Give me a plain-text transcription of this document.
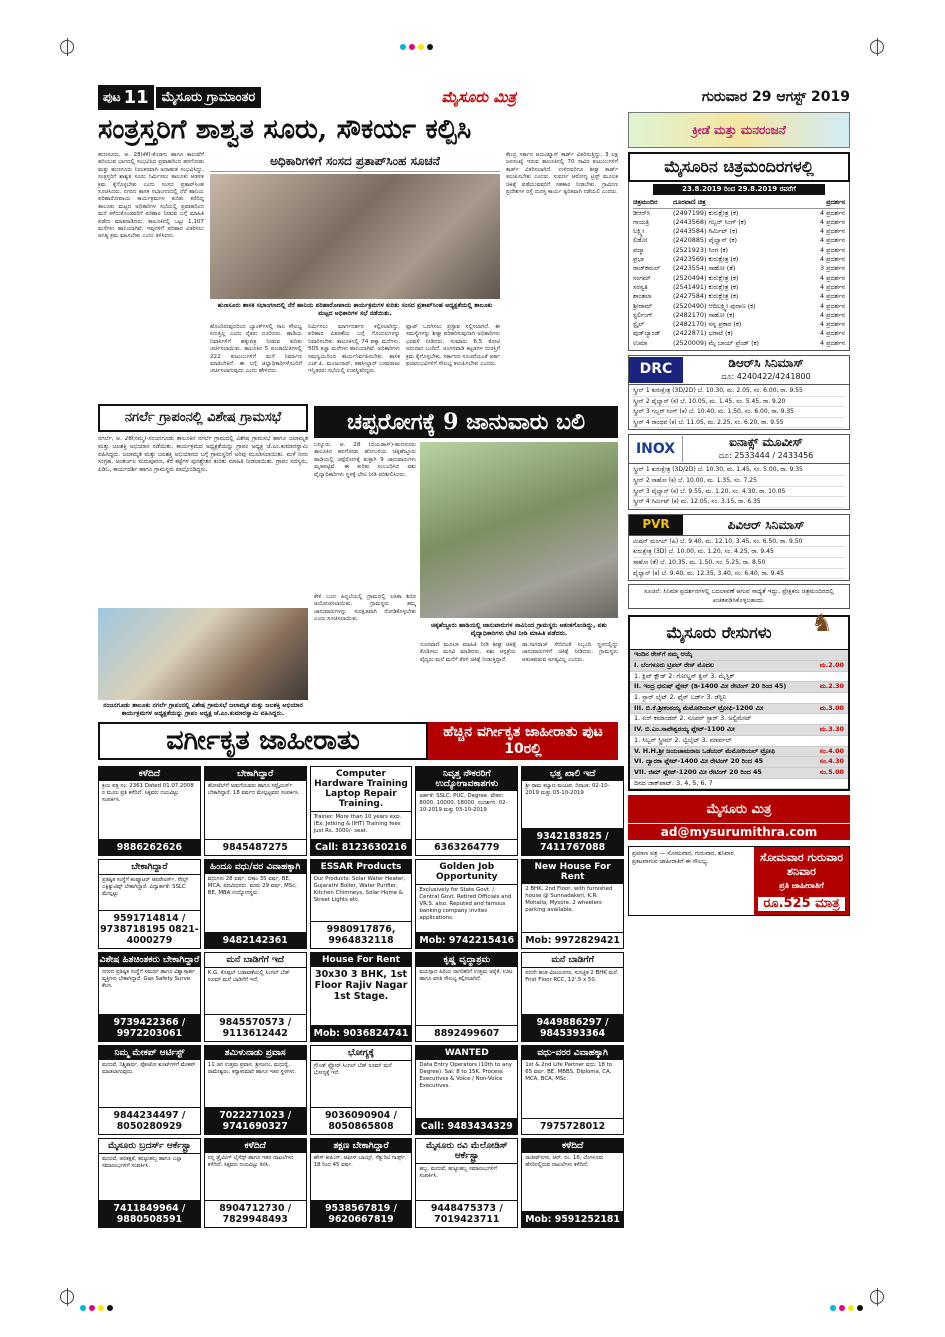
ಪುಟ 11	ಮೈಸೂರು ಗ್ರಾಮಾಂತರ	ಮೈಸೂರು ಮಿತ್ರ	ಗುರುವಾರ 29 ಆಗಸ್ಟ್ 2019
ಸಂತ್ರಸ್ತರಿಗೆ ಶಾಶ್ವತ ಸೂರು, ಸೌಕರ್ಯ ಕಲ್ಪಿಸಿ
ಅಧಿಕಾರಿಗಳಿಗೆ ಸಂಸದ ಪ್ರತಾಪ್‌ಸಿಂಹ ಸೂಚನೆ
ಹುಣಸೂರು, ಆ. 28(ಕೆಕೆ)-ಕೊಡಗು ಹಾಗೂ ಕಾಲುವೆಗೆ ಹರಿಯುವ ಭಾಗದಲ್ಲಿ ಸಂಭವಿಸಿದ ಪ್ರವಾಹದಿಂದ ಹನಗೋಡು ಮತ್ತು ಹುಣಸೂರು ನಿರಂತರವಾಗಿ ಅನಾಹುತ ಸಂಭವಿಸಿದ್ದು, ಸಂತ್ರಸ್ತರಿಗೆ ಶಾಶ್ವತ ಸೂರು ನಿರ್ಮಿಸಲು ತಾಲೂಕು ಆಡಳಿತ ಕ್ರಮ ಕೈಗೊಳ್ಳಬೇಕು ಎಂದು ಸಂಸದ ಪ್ರತಾಪ್‌ಸಿಂಹ ಸೂಚಿಸಿದರು. ನಗರದ ಶಾಸಕ ಸಭಾಂಗಣದಲ್ಲಿ ನೆರೆ ಹಾನಿಯ ಪರಿಹಾರೋಪಾಯ ಕಾರ್ಯಕ್ರಮಗಳ ಕುರಿತು ಕರೆದಿದ್ದ ತಾಲೂಕು ಮಟ್ಟದ ಅಧಿಕಾರಿಗಳ ಸಭೆಯಲ್ಲಿ ಪ್ರವಾಹದಿಂದ ಮನೆ ಕಳೆದುಕೊಂಡವರಿಗೆ ಪರಿಹಾರ ನೀಡುವ ಬಗ್ಗೆ ಮಾಹಿತಿ ಪಡೆದು ಮಾತನಾಡಿದರು. ತಾಲೂಕಿನಲ್ಲಿ ಒಟ್ಟು 1,107 ಮನೆಗಳು ಹಾನಿಯಾಗಿವೆ. ಇವುಗಳಿಗೆ ಪರಿಹಾರ ವಿತರಿಸಲು ಅಗತ್ಯ ಕ್ರಮ ವಹಿಸಬೇಕು ಎಂದು ತಿಳಿಸಿದರು.
ಹುಣಸೂರು ಶಾಸಕ ಸಭಾಂಗಣದಲ್ಲಿ ನೆರೆ ಹಾನಿಯ ಪರಿಹಾರೋಪಾಯ ಕಾರ್ಯಕ್ರಮಗಳ ಕುರಿತು ಸಂಸದ ಪ್ರತಾಪ್‌ಸಿಂಹ ಅಧ್ಯಕ್ಷತೆಯಲ್ಲಿ ತಾಲೂಕು ಮಟ್ಟದ ಅಧಿಕಾರಿಗಳ ಸಭೆ ನಡೆಯಿತು.
ಕೇಂದ್ರ ಸರ್ಕಾರ ಆಯುಷ್ಮಾನ್ ಕಾರ್ಡ್ ವಿತರಿಸುತ್ತಿದ್ದು, 3 ಲಕ್ಷ ಜನಸಂಖ್ಯೆ ಇರುವ ತಾಲೂಕಿನಲ್ಲಿ 70 ಸಾವಿರ ಕುಟುಂಬಗಳಿಗೆ ಕಾರ್ಡ್ ವಿತರಿಸಲಾಗಿದೆ. ಉಳಿದವರಿಗೂ ಶೀಘ್ರ ಕಾರ್ಡ್ ತಲುಪಿಸಬೇಕು ಎಂದರು. ಸುವರ್ಣ ಆರೋಗ್ಯ ಟ್ರಸ್ಟ್ ಮೂಲಕ ಚಿಕಿತ್ಸೆ ಪಡೆಯುವವರಿಗೆ ಸಹಕಾರ ನೀಡಬೇಕು. ಗ್ರಾಮೀಣ ಪ್ರದೇಶಗಳ ರಸ್ತೆ ದುರಸ್ತಿ ಕಾರ್ಯ ತ್ವರಿತವಾಗಿ ನಡೆಯಲಿ ಎಂದರು.
ಹೊಂದಿರುವುದರಿಂದ ಬ್ಯಾಂಕ್‌ಗಳಲ್ಲಿ ಸಾಲ ಸೌಲಭ್ಯ ಸಿಗುತ್ತಿಲ್ಲ ಎಂದು ರೈತರು ದೂರಿದರು. ಹಾಡಿಯ ನಿವಾಸಿಗಳಿಗೆ ಹಕ್ಕುಪತ್ರ ನೀಡುವ ಕುರಿತು ಚರ್ಚಿಸಲಾಯಿತು. ತಾಲೂಕಿನ 5 ಪಂಚಾಯಿತಿಗಳಲ್ಲಿ 222 ಕುಟುಂಬಗಳಿಗೆ ಮನೆ ನಿರ್ಮಾಣ ಮಾಡಬೇಕಿದೆ. ಈ ಬಗ್ಗೆ ಜಿಲ್ಲಾಧಿಕಾರಿಗಳೊಂದಿಗೆ ಚರ್ಚಿಸಲಾಗುವುದು ಎಂದು ಹೇಳಿದರು.
ನಿರ್ಮಿಸಲು ಮಾರ್ಗದರ್ಶನ ಕಲ್ಪಿಸಲಾಗಿದ್ದು, ಪರಿಹಾರ ವಿತರಣೆಯ ಬಗ್ಗೆ ಗೊಂದಲಗಳನ್ನು ನಿವಾರಿಸಬೇಕು. ತಾಲೂಕಿನಲ್ಲಿ 74 ಪಕ್ಕಾ ಮನೆಗಳು, 505 ಕಚ್ಚಾ ಮನೆಗಳು ಹಾನಿಯಾಗಿವೆ. ಅಧಿಕಾರಿಗಳು ಸಮನ್ವಯದಿಂದ ಕಾರ್ಯನಿರ್ವಹಿಸಬೇಕು. ಶಾಸಕ ಎಚ್.ಪಿ. ಮಂಜುನಾಥ್, ತಹಸೀಲ್ದಾರ್ ಬಸವರಾಜು ಇನ್ನಿತರರು ಸಭೆಯಲ್ಲಿ ಉಪಸ್ಥಿತರಿದ್ದರು.
ಪ್ಲಾಟ್ ಒದಗಿಸಲು ಪ್ರಸ್ತಾವ ಸಲ್ಲಿಸಲಾಗಿದೆ. ಈ ಸಮಸ್ಯೆಗಳನ್ನು ಶೀಘ್ರ ಪರಿಹರಿಸುವುದಾಗಿ ಅಧಿಕಾರಿಗಳು ಭರವಸೆ ನೀಡಿದರು. ಸುಮಾರು 6.5 ಕೋಟಿ ಅನುದಾನ ಬಂದಿದೆ. ಅಂಗನವಾಡಿ ಕಟ್ಟಡಗಳ ದುರಸ್ತಿಗೆ ಕ್ರಮ ಕೈಗೊಳ್ಳಬೇಕು. ಸರ್ಕಾರದ ಸೂಚನೆಯಂತೆ ಅರ್ಹ ಫಲಾನುಭವಿಗಳಿಗೆ ಸೌಲಭ್ಯ ತಲುಪಿಸಬೇಕು ಎಂದರು.
ನಗರ್ಲೆ ಗ್ರಾಪಂನಲ್ಲಿ ವಿಶೇಷ ಗ್ರಾಮಸಭೆ
ನಗರ್ಲೆ, ಆ. 28(ನಮ್ಮ)-ನಂಜನಗೂಡು ತಾಲೂಕಿನ ನಗರ್ಲೆ ಗ್ರಾಮದಲ್ಲಿ ವಿಶೇಷ ಗ್ರಾಮಸಭೆ ಹಾಗೂ ಜಲಾಮೃತ ಮತ್ತು ಜಲಶಕ್ತಿ ಅಭಿಯಾನ ನಡೆಯಿತು. ಕಾರ್ಯಕ್ರಮದ ಅಧ್ಯಕ್ಷತೆಯನ್ನು ಗ್ರಾಪಂ ಅಧ್ಯಕ್ಷ ಜೆ.ಎಂ.ಕುಮಾರಸ್ವಾಮಿ ವಹಿಸಿದ್ದರು. ಜಲಾಮೃತ ಮತ್ತು ಜಲಶಕ್ತಿ ಅಭಿಯಾನದ ಬಗ್ಗೆ ಗ್ರಾಮಸ್ಥರಿಗೆ ಅರಿವು ಮೂಡಿಸಲಾಯಿತು. ಮಳೆ ನೀರು ಸಂಗ್ರಹ, ಅಂತರ್ಜಲ ಮರುಪೂರಣ, ಕೆರೆ ಕಟ್ಟೆಗಳ ಪುನಶ್ಚೇತನ ಕುರಿತು ಮಾಹಿತಿ ನೀಡಲಾಯಿತು. ಗ್ರಾಪಂ ಸದಸ್ಯರು, ಪಿಡಿಓ, ಕಾರ್ಯದರ್ಶಿ ಹಾಗೂ ಗ್ರಾಮಸ್ಥರು ಪಾಲ್ಗೊಂಡಿದ್ದರು.
ನಂಜನಗೂಡು ತಾಲೂಕು ನಗರ್ಲೆ ಗ್ರಾಪಂನಲ್ಲಿ ವಿಶೇಷ ಗ್ರಾಮಸಭೆ ಜಲಾಮೃತ ಮತ್ತು ಜಲಶಕ್ತಿ ಅಭಿಯಾನ ಕಾರ್ಯಕ್ರಮಗಳ ಅಧ್ಯಕ್ಷತೆಯನ್ನು ಗ್ರಾಪಂ ಅಧ್ಯಕ್ಷ ಜೆ.ಎಂ.ಕುಮಾರಸ್ವಾಮಿ ವಹಿಸಿದ್ದರು.
ಚಪ್ಪರೋಗಕ್ಕೆ 9 ಜಾನುವಾರು ಬಲಿ
ಬನ್ನೂರು, ಆ. 28 (ಬಿಯಡಾಸ್)-ಹುಣಸೂರು ತಾಲೂಕಿನ ಹನಗೋಡು ಹೋಬಳಿಯ ಚಿಕ್ಕಹೆಜ್ಜೂರು ಹಾಡಿಯಲ್ಲಿ ಚಪ್ಪೆರೋಗಕ್ಕೆ ತುತ್ತಾಗಿ 9 ಜಾನುವಾರುಗಳು ಮೃತಪಟ್ಟಿವೆ. ಈ ಕುರಿತು ಸಂಬಂಧಿಸಿದ ಪಶು ವೈದ್ಯಾಧಿಕಾರಿಗಳು ಸ್ಥಳಕ್ಕೆ ಭೇಟಿ ನೀಡಿ ಪರಿಶೀಲಿಸಿದರು.
ಚಿಕ್ಕಹೆಜ್ಜೂರು ಹಾಡಿಯಲ್ಲಿ ಜಾನುವಾರುಗಳ ಸಾವಿನಿಂದ ಗ್ರಾಮಸ್ಥರು ಆತಂಕಗೊಂಡಿದ್ದು, ಪಶು ವೈದ್ಯಾಧಿಕಾರಿಗಳು ಭೇಟಿ ನೀಡಿ ಮಾಹಿತಿ ಪಡೆದರು.
ಕೇಳಿ ಬಂದ ಹಿನ್ನಲೆಯಲ್ಲಿ ಗ್ರಾಮದಲ್ಲಿ ಲಸಿಕಾ ಶಿಬಿರ ಆಯೋಜಿಸಲಾಯಿತು. ಗ್ರಾಮಸ್ಥರು ತಮ್ಮ ಜಾನುವಾರುಗಳನ್ನು ಸುರಕ್ಷಿತವಾಗಿ ನೋಡಿಕೊಳ್ಳಬೇಕು ಎಂದು ಸೂಚಿಸಲಾಯಿತು.
ದೂರವಾಣಿ ಮೂಲಕ ಮಾಹಿತಿ ನೀಡಿ ಶೀಘ್ರ ಚಿಕಿತ್ಸೆ ಕೊಡಿಸಲು ಮನವಿ ಮಾಡಿದರು. ಪಶು ಆಸ್ಪತ್ರೆಯ ವೈದ್ಯರು ಮನೆ ಮನೆಗೆ ತೆರಳಿ ಚಿಕಿತ್ಸೆ ನೀಡುತ್ತಿದ್ದಾರೆ.
ಡಾ.ನಾಗರಾಜ್ ಸೇರಿದಂತೆ ಸಿಬ್ಬಂದಿ ಸ್ಥಳದಲ್ಲಿದ್ದು ಜಾನುವಾರುಗಳಿಗೆ ಚಿಕಿತ್ಸೆ ನೀಡಿದರು. ಗ್ರಾಮಸ್ಥರು ಆತಂಕಪಡುವ ಅಗತ್ಯವಿಲ್ಲ ಎಂದರು.
ವರ್ಗೀಕೃತ ಜಾಹೀರಾತು	ಹೆಚ್ಚಿನ ವರ್ಗೀಕೃತ ಜಾಹೀರಾತು ಪುಟ 10ರಲ್ಲಿ
ಕಳೆದಿದೆ
ಕ್ರಯ ಪತ್ರ ನಂ: 2361 Dated 01.07.2008 ರ ಮೂಲ ಪ್ರತಿ ಕಳೆದಿದೆ. ಸಿಕ್ಕವರು ದಯವಿಟ್ಟು ಸಂಪರ್ಕಿಸಿ.
9886262626
ಬೇಕಾಗಿದ್ದಾರೆ
ಹೋಟೆಲ್‌ಗೆ ಅಡುಗೆಯವರು ಹಾಗೂ ಸಪ್ಲೈಯರ್ಸ್ ಬೇಕಾಗಿದ್ದಾರೆ. 18 ವರ್ಷದ ಮೇಲ್ಪಟ್ಟವರು ಸಂಪರ್ಕಿಸಿ.
9845487275
Computer Hardware Training Laptop Repair Training.
Trainer: More than 10 years exp. (Ex: Jetking & IIHT) Training fees just Rs. 3000/- seat.
Call: 8123630216
ನಿವೃತ್ತ ನೌಕರರಿಗೆ ಉದ್ಯೋಗಾವಕಾಶಗಳು
ಅರ್ಹತೆ: SSLC, PUC, Degree. ವೇತನ: 8000, 10000, 18000. ಸಂದರ್ಶನ: 02-10-2019 ಮತ್ತು 03-10-2019
6363264779
ಭತ್ತ ಖಾಲಿ ಇದೆ
ಶ್ರೀ ರಾಮ ಕಲ್ಯಾಣ ಮಂಟಪ. ದಿನಾಂಕ: 02-10-2019 ಮತ್ತು 03-10-2019
9342183825 / 7411767088
ಬೇಕಾಗಿದ್ದಾರೆ
ಪ್ರತಿಷ್ಠಿತ ಸಂಸ್ಥೆಗೆ ಕಂಪ್ಯೂಟರ್ ಆಪರೇಟರ್ಸ್, ಸೇಲ್ಸ್ ಎಕ್ಸಿಕ್ಯುಟಿವ್ಸ್ ಬೇಕಾಗಿದ್ದಾರೆ. ವಿದ್ಯಾರ್ಹತೆ: SSLC ಮೇಲ್ಪಟ್ಟು
9591714814 / 9738718195 0821-4000279
ಹಿಂದೂ ವಧು/ವರ ವಿವಾಹಕ್ಕಾಗಿ
ವಧುಗಳು 28 ವರ್ಷ, ಬಿಕಾಂ 35 ವರ್ಷ, BE, MCA, ಪದವೀಧರರು. ವರರು 29 ವರ್ಷ, MSc, BE, MBA ಉದ್ಯೋಗಸ್ಥರು.
9482142361
ESSAR Products
Our Products: Solar Water Heater, Gujarathi Boiler, Water Purifier, Kitchen Chimneys, Solar Home & Street Lights etc.
9980917876, 9964832118
Golden Job Opportunity
Exclusively for State Govt. / Central Govt. Retired Officials and VR.S. also. Reputed and famous banking company invites applications.
Mob: 9742215416
New House For Rent
2 BHK, 2nd Floor, with furnished house @ Sunnadakeri, K.R. Mohalla, Mysore. 2 wheelers parking available.
Mob: 9972829421
ವಿಶೇಷ ಹಿತಚಿಂತಕರು ಬೇಕಾಗಿದ್ದಾರೆ
ನಗರದ ಪ್ರತಿಷ್ಠಿತ ಸಂಸ್ಥೆಗೆ ಸಮರ್ಥ ಹಾಗೂ ವಿಶ್ವಾಸಾರ್ಹ ವ್ಯಕ್ತಿಗಳು ಬೇಕಾಗಿದ್ದಾರೆ. Gas Safety Surve ಕೆಲಸ.
9739422366 / 9972203061
ಮನೆ ಬಾಡಿಗೆಗೆ ಇದೆ
K.G. ಕೊಪ್ಪಲ್ ಬಡಾವಣೆಯಲ್ಲಿ ಸಿಂಗಲ್ ಬೆಡ್ ರೂಮ್ ಮನೆ ಬಾಡಿಗೆಗೆ ಇದೆ.
9845570573 / 9113612442
House For Rent
30x30 3 BHK, 1st Floor Rajiv Nagar 1st Stage.
Mob: 9036824741
ಕೃಷ್ಣ ವೃದ್ಧಾಶ್ರಮ
ವಯಸ್ಸಾದ ಹಿರಿಯ ನಾಗರಿಕರಿಗೆ ಉತ್ತಮ ಆರೈಕೆ, ಊಟ ಹಾಗೂ ವಸತಿ ಸೌಲಭ್ಯ ಕಲ್ಪಿಸಲಾಗಿದೆ.
8892499607
ಮನೆ ಬಾಡಿಗೆಗೆ
ಐದನೇ ಹಂತ ವಿಜಯನಗರ, ಸುಸಜ್ಜಿತ 2 BHK ಮನೆ. Frist Floor RCC, 12'.5 x 50.
9449886297 / 9845393364
ನಿಮ್ಮ ಮೇಕಪ್ ಆರ್ಟಿಸ್ಟ್
ಮದುವೆ, ನಿಶ್ಚಿತಾರ್ಥ, ಫೋಟೋ ಶೂಟ್‌ಗಳಿಗೆ ಮೇಕಪ್ ಮಾಡಲಾಗುವುದು.
9844234497 / 8050280929
ತಮಿಳುನಾಡು ಪ್ರವಾಸ
11 ಜಿನ ಉತ್ತಮ ಪ್ರವಾಸ. ಶ್ರೀರಂಗಂ, ಮಧುರೈ, ರಾಮೇಶ್ವರಂ, ಕನ್ಯಾಕುಮಾರಿ ಹಾಗೂ ಇತರ ಸ್ಥಳಗಳು.
7022271023 / 9741690327
ಭೋಗ್ಯಕ್ಕೆ
ಗ್ರೌಂಡ್ ಫ್ಲೋರ್ ಸಿಂಗಲ್ ಬೆಡ್ ರೂಮ್ ಮನೆ ಭೋಗ್ಯಕ್ಕೆ ಇದೆ.
9036090904 / 8050865808
WANTED
Data Entry Operators (10th to any Degree). Sal: 8 to 15K. Process Executives & Voice / Non-Voice Executives.
Call: 9483434329
ವಧು-ವರರ ವಿವಾಹಕ್ಕಾಗಿ
1st & 2nd Life Partner ವಧು: 18 to 65 ವರ್ಷ. BE, MBBS, Diploma, CA, MCA, BCA, MSc.
7975728012
ಮೈಸೂರು ಬ್ರದರ್ಸ್ ಆರ್ಕೆಸ್ಟ್ರಾ
ಮದುವೆ, ಆರತಕ್ಷತೆ, ಹುಟ್ಟುಹಬ್ಬ ಹಾಗೂ ಎಲ್ಲಾ ಸಮಾರಂಭಗಳಿಗೆ ಸಂಪರ್ಕಿಸಿ.
7411849964 / 9880508591
ಕಳೆದಿದೆ
ನನ್ನ ಡ್ರೈವಿಂಗ್ ಲೈಸೆನ್ಸ್ ಹಾಗೂ ಇತರ ದಾಖಲೆಗಳು ಕಳೆದಿದೆ. ಸಿಕ್ಕವರು ದಯವಿಟ್ಟು ತಿಳಿಸಿ.
8904712730 / 7829948493
ತಕ್ಷಣ ಬೇಕಾಗಿದ್ದಾರೆ
ಹೌಸ್ ಕೀಪಿಂಗ್, ಆಫೀಸ್ ಬಾಯ್ಸ್, ಸೆಕ್ಯುರಿಟಿ ಗಾರ್ಡ್ಸ್. 18 ರಿಂದ 45 ವರ್ಷ.
9538567819 / 9620667819
ಮೈಸೂರು ರವಿ ಮೆಲೋಡಿಸ್ ಆರ್ಕೆಸ್ಟ್ರಾ
ಹಬ್ಬ, ಮದುವೆ, ಹುಟ್ಟುಹಬ್ಬ ಸಮಾರಂಭಗಳಿಗೆ ಸಂಪರ್ಕಿಸಿ.
9448475373 / 7019423711
ಕಳೆದಿದೆ
ರಾಜೀವ್‌ನಗರ, ಆರ್. ನಂ. 16, ಬೆಂಗಳೂರು ಹೆಸರಿನಲ್ಲಿರುವ ದಾಖಲೆಗಳು ಕಳೆದಿದೆ.
Mob: 9591252181
ಕ್ರೀಡೆ ಮತ್ತು ಮನರಂಜನೆ
ಮೈಸೂರಿನ ಚಿತ್ರಮಂದಿರಗಳಲ್ಲಿ
23.8.2019 ರಿಂದ 29.8.2019 ರವರೆಗೆ
ಚಿತ್ರಮಂದಿರ	ದೂರವಾಣಿ ಚಿತ್ರ	ಪ್ರದರ್ಶನ
ಡಿಆರ್‌ಸಿ	(2497199) ಕುರುಕ್ಷೇತ್ರ (ಕ)	4 ಪ್ರದರ್ಶನ
ಗಾಯತ್ರಿ	(2443568) ಗಬ್ಬರ್ ಸಿಂಗ್ (ಕ)	4 ಪ್ರದರ್ಶನ
ಲಕ್ಷ್ಮೀ	(2443584) ಗಿರ್ಮಿಟ್ (ಕ)	4 ಪ್ರದರ್ಶನ
ಲಿಡೋ	(2420885) ಪೈಲ್ವಾನ್ (ಕ)	4 ಪ್ರದರ್ಶನ
ಪದ್ಮಾ	(2521923) ಸಿಂಗ (ಕ)	4 ಪ್ರದರ್ಶನ
ಪ್ರಭಾ	(2423569) ಕುರುಕ್ಷೇತ್ರ (ಕ)	4 ಪ್ರದರ್ಶನ
ರಾಜ್‌ಕಮಲ್	(2423554) ಸಾಹೋ (ತೆ)	3 ಪ್ರದರ್ಶನ
ಸಂಗಮ್	(2520494) ಕುರುಕ್ಷೇತ್ರ (ಕ)	4 ಪ್ರದರ್ಶನ
ಸರಸ್ವತಿ	(2541491) ಕುರುಕ್ಷೇತ್ರ (ಕ)	4 ಪ್ರದರ್ಶನ
ಶಾಂತಲಾ	(2427584) ಕುರುಕ್ಷೇತ್ರ (ಕ)	4 ಪ್ರದರ್ಶನ
ಶ್ರೀರಾಮ್	(2520490) ಆದಿಲಕ್ಷ್ಮೀ ಪುರಾಣ (ಕ)	4 ಪ್ರದರ್ಶನ
ಸ್ಟರ್ಲಿಂಗ್	(2482170) ಸಾಹೋ (ಕ)	4 ಪ್ರದರ್ಶನ
ಸ್ಟೈಲ್	(2482170) ನನ್ನ ಪ್ರಕಾರ (ಕ)	4 ಪ್ರದರ್ಶನ
ವುಡ್‌ಲ್ಯಾಂಡ್	(2422871) ಭರಾಟೆ (ಕ)	4 ಪ್ರದರ್ಶನ
ಉಮಾ	(2520009) ಮೈ ಬಾಯ್ ಪ್ರೆಂಡ್ (ಕ)	4 ಪ್ರದರ್ಶನ
DRC	ಡಿಆರ್‌ಸಿ ಸಿನಿಮಾಸ್
ದೂ: 4240422/4241800
ಸ್ಕ್ರೀನ್ 1 ಕುರುಕ್ಷೇತ್ರ (3D/2D) ಬೆ. 10.30, ಮ. 2.05, ಸಂ. 6.00, ರಾ. 9.55
ಸ್ಕ್ರೀನ್ 2 ಪೈಲ್ವಾನ್ (ಕ) ಬೆ. 10.05, ಮ. 1.45, ಸಂ. 5.45, ರಾ. 9.20
ಸ್ಕ್ರೀನ್ 3 ಗಬ್ಬರ್ ಸಿಂಗ್ (ಕ) ಬೆ. 10.40, ಮ. 1.50, ಸಂ. 6.00, ರಾ. 9.35
ಸ್ಕ್ರೀನ್ 4 ರಾಂಧವ (ಕ) ಬೆ. 11.05, ಮ. 2.25, ಸಂ. 6.20, ರಾ. 9.55
INOX	ಐನಾಕ್ಸ್ ಮೂವೀಸ್
ದೂ: 2533444 / 2433456
ಸ್ಕ್ರೀನ್ 1 ಕುರುಕ್ಷೇತ್ರ (3D/2D) ಬೆ. 10.30, ಮ. 1.45, ಸಂ. 5.00, ರಾ. 9.35
ಸ್ಕ್ರೀನ್ 2 ಸಾಹೋ (ಕ) ಬೆ. 10.00, ಮ. 1.35, ಸಂ. 7.25
ಸ್ಕ್ರೀನ್ 3 ಪೈಲ್ವಾನ್ (ಕ) ಬೆ. 9.55, ಮ. 1.20, ಸಂ. 4.30, ರಾ. 10.05
ಸ್ಕ್ರೀನ್ 4 ಗಿರ್ಮಿಟ್ (ಕ) ಮ. 12.05, ಸಂ. 3.15, ರಾ. 6.35
PVR	ಪಿವಿಆರ್ ಸಿನಿಮಾಸ್
ಮಿಷನ್ ಮಂಗಲ್ (ಹಿ) ಬೆ. 9.40, ಮ. 12.10, 3.45, ಸಂ. 6.50, ರಾ. 9.50
ಕುರುಕ್ಷೇತ್ರ (3D) ಬೆ. 10.00, ಮ. 1.20, ಸಂ. 4.25, ರಾ. 9.45
ಸಾಹೋ (ತೆ) ಬೆ. 10.35, ಮ. 1.50, ಸಂ. 5.25, ರಾ. 8.50
ಪೈಲ್ವಾನ್ (ಕ) ಬೆ. 9.40, ಮ. 12.35, 3.40, ಸಂ. 6.40, ರಾ. 9.45
ಸೂಚನೆ: ಸಿನಿಮಾ ಪ್ರದರ್ಶನಗಳಲ್ಲಿ ಬದಲಾವಣೆ ಆಗುವ ಸಾಧ್ಯತೆ ಇದ್ದು, ಪ್ರೇಕ್ಷಕರು ಚಿತ್ರಮಂದಿರದಲ್ಲಿ ಖಚಿತಪಡಿಸಿಕೊಳ್ಳಬಹುದು.
ಮೈಸೂರು ರೇಸುಗಳು	♞
ಇಂದಿನ ರೇಸ್‌ಗೆ ನಮ್ಮ ಆಯ್ಕೆ
I. ಬೆಂಗಳೂರು ಟ್ರಿಪಲ್ ರೇಸ್ ಮೊದಲ	ಮ.2.00
1. ಕ್ಲಿಪ್ ಕ್ಲೌಡ್ 2. ಗೋಲ್ಡನ್ ಕ್ವಿನ್ 3. ಮೈಸ್ಟಿಕ್
II. ಇಂದ್ರ ಧನುಷ್ ಪ್ಲೇಟ್ (ಡಿ-1400 ಮೀ ರೇಟಿಂಗ್ 20 ರಿಂದ 45)	ಮ.2.30
1. ಸ್ಟಾರ್ ಲೈಟ್ 2. ಫೈರ್ ಬರ್ಡ್ 3. ಡೆಸ್ಟಿನಿ
III. ಬಿ.ಕೆ.ಶ್ರೀಕಂಠಯ್ಯ ಮೆಮೋರಿಯಲ್ ಟ್ರೋಫಿ-1200 ಮೀ	ಮ.3.00
1. ಏರ್ ಕಮಾಂಡರ್ 2. ಸೂಪರ್ ಸ್ಟಾರ್ 3. ಅಲ್ಟಿಮೇಟ್
IV. ಬಿ.ಎಂ.ಸಾವೇಶ್ವರಯ್ಯ ಪ್ಲೇಟ್-1100 ಮೀ	ಮ.3.30
1. ಸಿಲ್ವರ್ ಸ್ಟ್ರೀಮ್ 2. ಟ್ವಿಲೈಟ್ 3. ಮಾರ್ವಲ್
V. H.H.ಶ್ರೀ ಜಯಚಾಮರಾಜ ಒಡೆಯರ್ ಮೆಮೋರಿಯಲ್ ಟ್ರೋಫಿ	ಸಂ.4.00
VI. ದ್ವಾರಕಾ ಪ್ಲೇಟ್-1400 ಮೀ ರೇಟಿಂಗ್ 20 ರಿಂದ 45	ಸಂ.4.30
VII. ಜಿಮ್ ಪ್ಲೇಟ್-1200 ಮೀ ರೇಟಿಂಗ್ 20 ರಿಂದ 45	ಸಂ.5.00
ದಿನದ ಜಾಕ್‌ಪಾಟ್: 3, 4, 5, 6, 7
ಮೈಸೂರು ಮಿತ್ರ
ad@mysurumithra.com
ಪ್ರಮಾಣ ಪತ್ರ — ಸೋಮವಾರ, ಗುರುವಾರ, ಶನಿವಾರ ಪ್ರಕಟವಾಗುವ ಜಾಹೀರಾತಿಗೆ ಈ ಸೌಲಭ್ಯ.	ಸೋಮವಾರ ಗುರುವಾರ ಶನಿವಾರ
ಪ್ರತಿ ಜಾಹೀರಾತಿಗೆ
ರೂ.525 ಮಾತ್ರ
